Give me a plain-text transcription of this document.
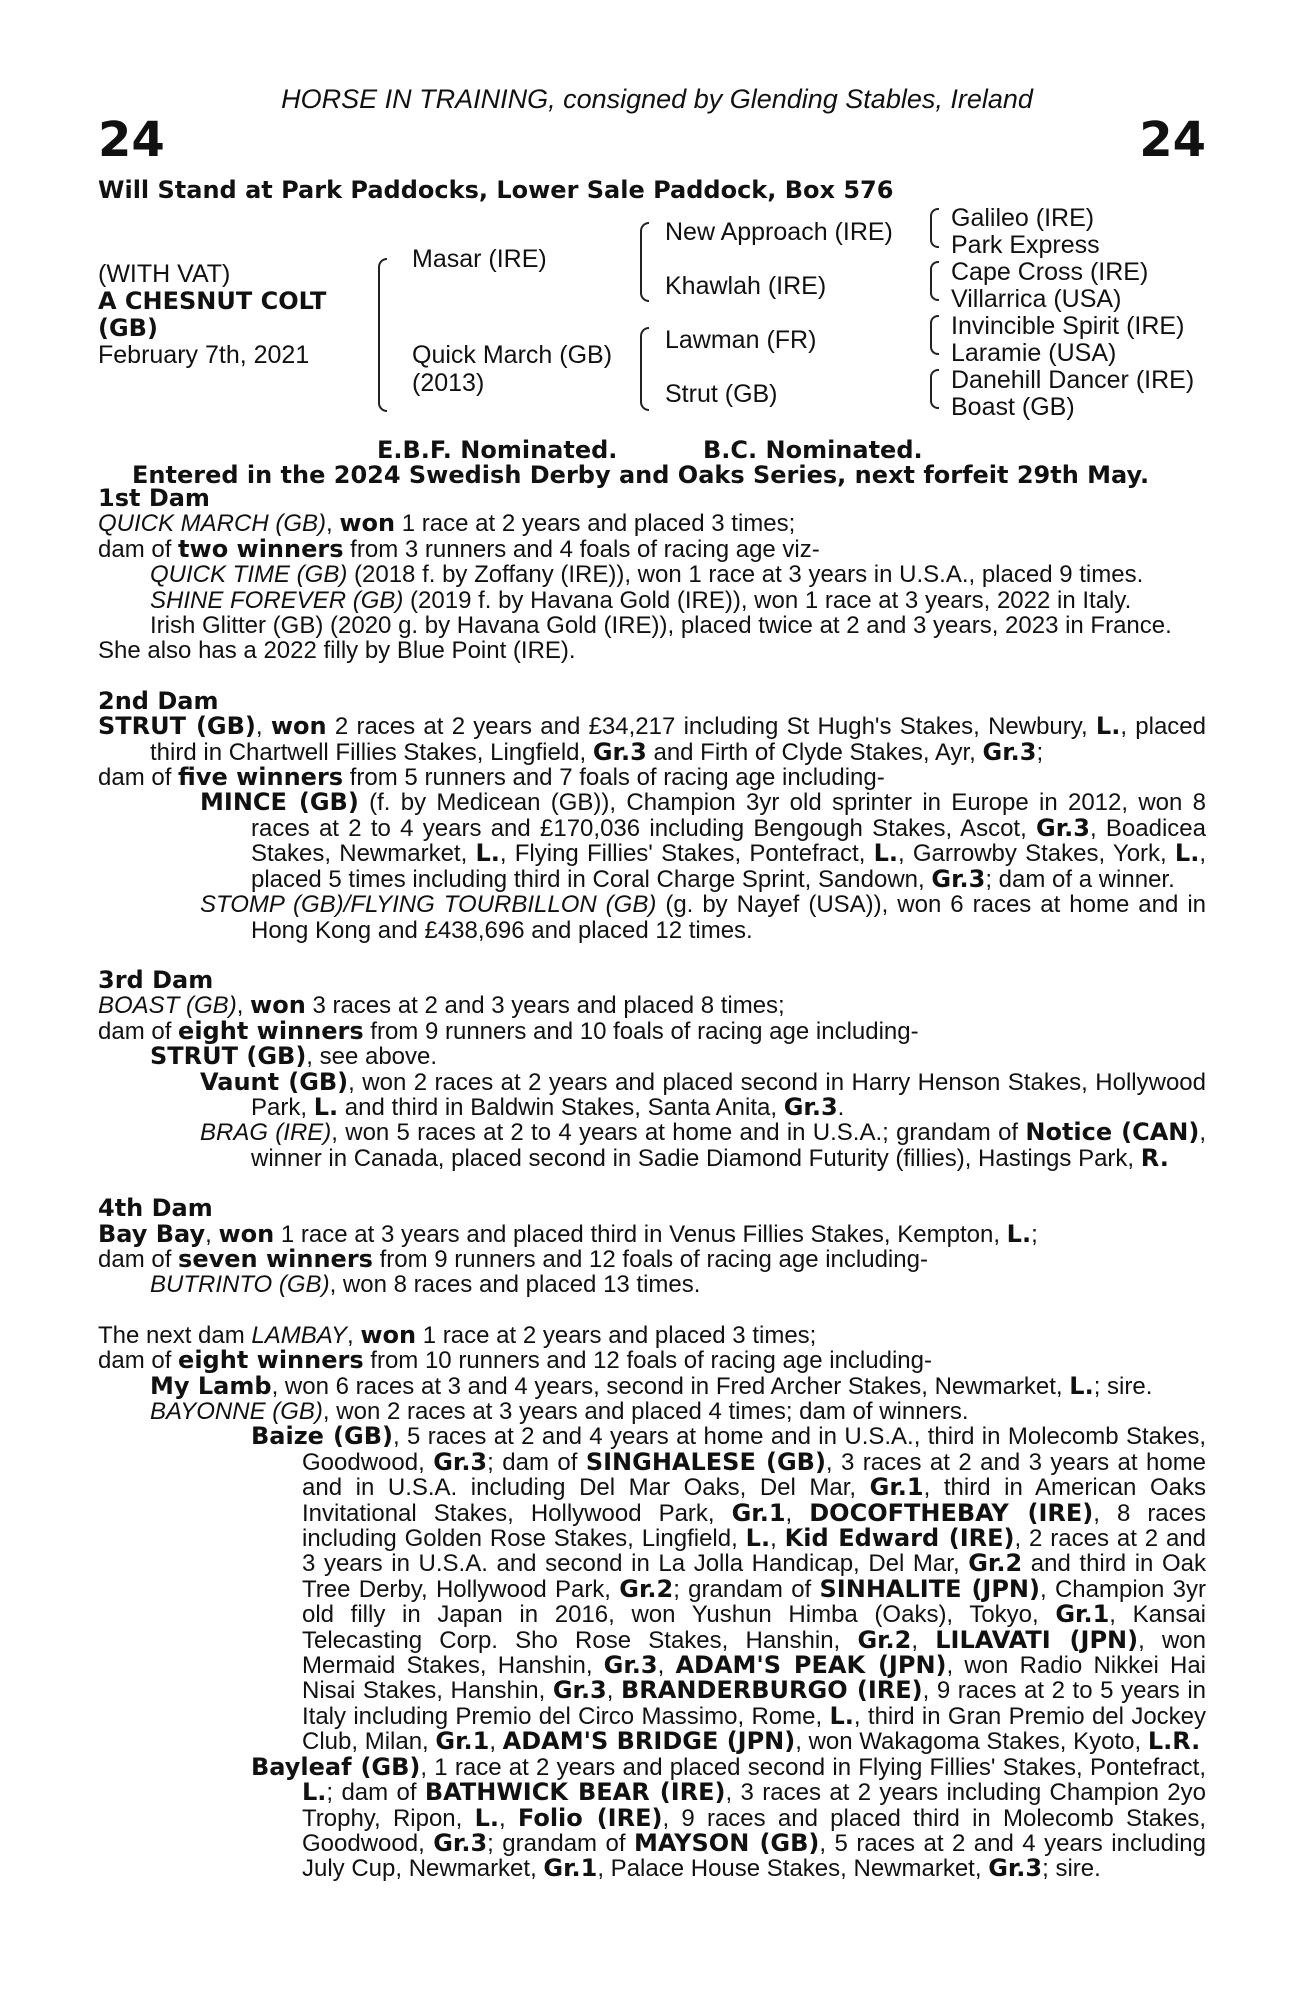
HORSE IN TRAINING, consigned by Glending Stables, Ireland
24	24
Will Stand at Park Paddocks, Lower Sale Paddock, Box 576
(WITH VAT)
A CHESNUT COLT
(GB)
February 7th, 2021
Masar (IRE)
Quick March (GB)
(2013)
New Approach (IRE)
Khawlah (IRE)
Lawman (FR)
Strut (GB)
Galileo (IRE)
Park Express
Cape Cross (IRE)
Villarrica (USA)
Invincible Spirit (IRE)
Laramie (USA)
Danehill Dancer (IRE)
Boast (GB)
E.B.F. Nominated.	B.C. Nominated.
Entered in the 2024 Swedish Derby and Oaks Series, next forfeit 29th May.

1st Dam

QUICK MARCH (GB), won 1 race at 2 years and placed 3 times;

dam of two winners from 3 runners and 4 foals of racing age viz-

QUICK TIME (GB) (2018 f. by Zoffany (IRE)), won 1 race at 3 years in U.S.A., placed 9 times.

SHINE FOREVER (GB) (2019 f. by Havana Gold (IRE)), won 1 race at 3 years, 2022 in Italy.

Irish Glitter (GB) (2020 g. by Havana Gold (IRE)), placed twice at 2 and 3 years, 2023 in France.

She also has a 2022 filly by Blue Point (IRE).

2nd Dam

STRUT (GB), won 2 races at 2 years and £34,217 including St Hugh's Stakes, Newbury, L., placed third in Chartwell Fillies Stakes, Lingfield, Gr.3 and Firth of Clyde Stakes, Ayr, Gr.3;

dam of five winners from 5 runners and 7 foals of racing age including-

MINCE (GB) (f. by Medicean (GB)), Champion 3yr old sprinter in Europe in 2012, won 8 races at 2 to 4 years and £170,036 including Bengough Stakes, Ascot, Gr.3, Boadicea Stakes, Newmarket, L., Flying Fillies' Stakes, Pontefract, L., Garrowby Stakes, York, L., placed 5 times including third in Coral Charge Sprint, Sandown, Gr.3; dam of a winner.

STOMP (GB)/FLYING TOURBILLON (GB) (g. by Nayef (USA)), won 6 races at home and in Hong Kong and £438,696 and placed 12 times.

3rd Dam

BOAST (GB), won 3 races at 2 and 3 years and placed 8 times;

dam of eight winners from 9 runners and 10 foals of racing age including-

STRUT (GB), see above.

Vaunt (GB), won 2 races at 2 years and placed second in Harry Henson Stakes, Hollywood Park, L. and third in Baldwin Stakes, Santa Anita, Gr.3.

BRAG (IRE), won 5 races at 2 to 4 years at home and in U.S.A.; grandam of Notice (CAN), winner in Canada, placed second in Sadie Diamond Futurity (fillies), Hastings Park, R.

4th Dam

Bay Bay, won 1 race at 3 years and placed third in Venus Fillies Stakes, Kempton, L.;

dam of seven winners from 9 runners and 12 foals of racing age including-

BUTRINTO (GB), won 8 races and placed 13 times.

The next dam LAMBAY, won 1 race at 2 years and placed 3 times;

dam of eight winners from 10 runners and 12 foals of racing age including-

My Lamb, won 6 races at 3 and 4 years, second in Fred Archer Stakes, Newmarket, L.; sire.

BAYONNE (GB), won 2 races at 3 years and placed 4 times; dam of winners.

Baize (GB), 5 races at 2 and 4 years at home and in U.S.A., third in Molecomb Stakes, Goodwood, Gr.3; dam of SINGHALESE (GB), 3 races at 2 and 3 years at home and in U.S.A. including Del Mar Oaks, Del Mar, Gr.1, third in American Oaks Invitational Stakes, Hollywood Park, Gr.1, DOCOFTHEBAY (IRE), 8 races including Golden Rose Stakes, Lingfield, L., Kid Edward (IRE), 2 races at 2 and 3 years in U.S.A. and second in La Jolla Handicap, Del Mar, Gr.2 and third in Oak Tree Derby, Hollywood Park, Gr.2; grandam of SINHALITE (JPN), Champion 3yr old filly in Japan in 2016, won Yushun Himba (Oaks), Tokyo, Gr.1, Kansai Telecasting Corp. Sho Rose Stakes, Hanshin, Gr.2, LILAVATI (JPN), won Mermaid Stakes, Hanshin, Gr.3, ADAM'S PEAK (JPN), won Radio Nikkei Hai Nisai Stakes, Hanshin, Gr.3, BRANDERBURGO (IRE), 9 races at 2 to 5 years in Italy including Premio del Circo Massimo, Rome, L., third in Gran Premio del Jockey Club, Milan, Gr.1, ADAM'S BRIDGE (JPN), won Wakagoma Stakes, Kyoto, L.R.

Bayleaf (GB), 1 race at 2 years and placed second in Flying Fillies' Stakes, Pontefract, L.; dam of BATHWICK BEAR (IRE), 3 races at 2 years including Champion 2yo Trophy, Ripon, L., Folio (IRE), 9 races and placed third in Molecomb Stakes, Goodwood, Gr.3; grandam of MAYSON (GB), 5 races at 2 and 4 years including July Cup, Newmarket, Gr.1, Palace House Stakes, Newmarket, Gr.3; sire.
